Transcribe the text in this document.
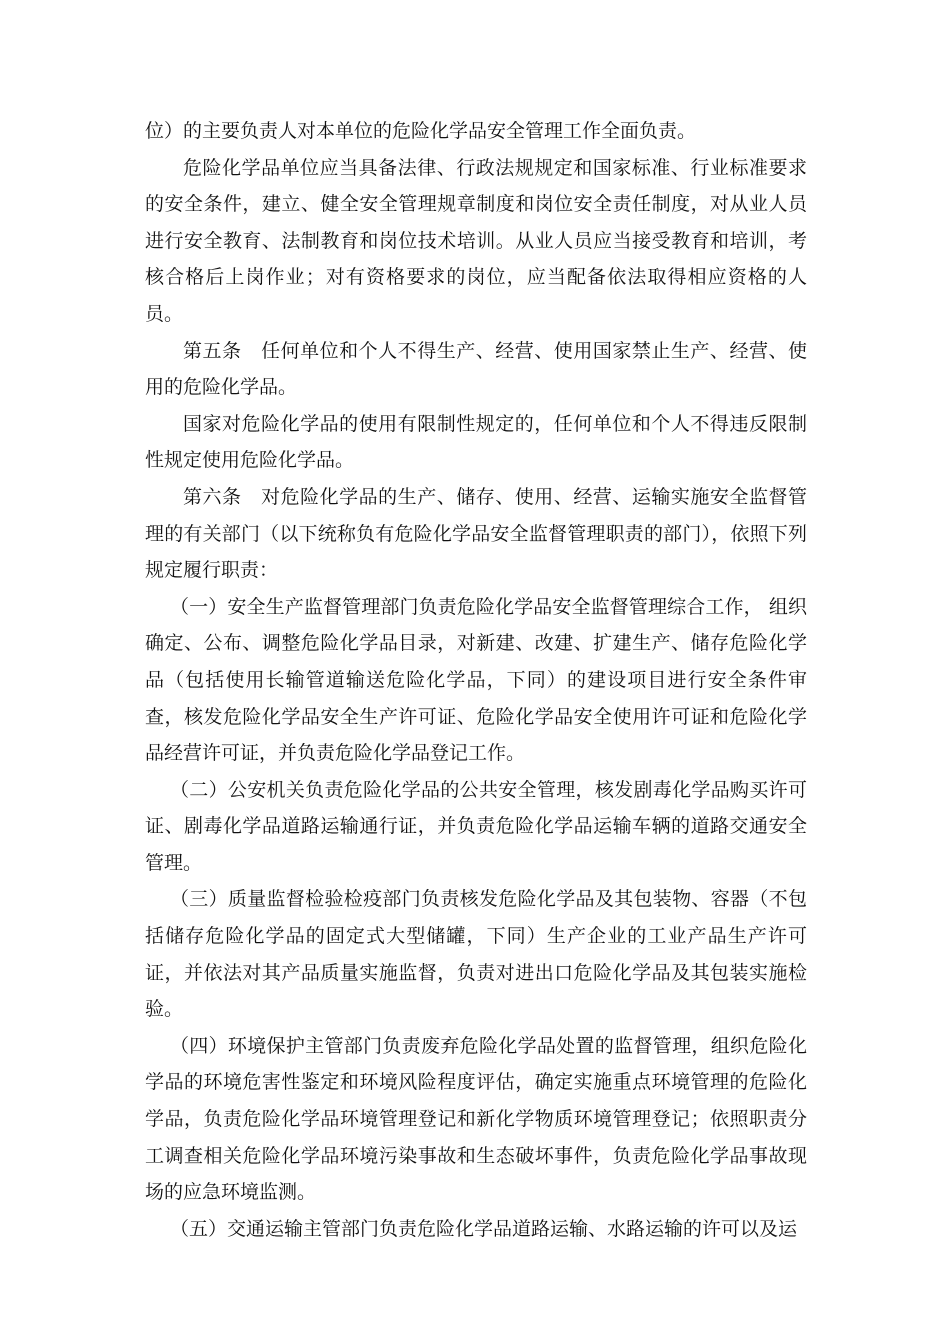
位）的主要负责人对本单位的危险化学品安全管理工作全面负责。

危险化学品单位应当具备法律、行政法规规定和国家标准、行业标准要求的安全条件，建立、健全安全管理规章制度和岗位安全责任制度，对从业人员进行安全教育、法制教育和岗位技术培训。从业人员应当接受教育和培训，考核合格后上岗作业；对有资格要求的岗位，应当配备依法取得相应资格的人员。

第五条　任何单位和个人不得生产、经营、使用国家禁止生产、经营、使用的危险化学品。

国家对危险化学品的使用有限制性规定的，任何单位和个人不得违反限制性规定使用危险化学品。

第六条　对危险化学品的生产、储存、使用、经营、运输实施安全监督管理的有关部门（以下统称负有危险化学品安全监督管理职责的部门），依照下列规定履行职责：

（一）安全生产监督管理部门负责危险化学品安全监督管理综合工作， 组织确定、公布、调整危险化学品目录，对新建、改建、扩建生产、储存危险化学品（包括使用长输管道输送危险化学品，下同）的建设项目进行安全条件审查，核发危险化学品安全生产许可证、危险化学品安全使用许可证和危险化学品经营许可证，并负责危险化学品登记工作。

（二）公安机关负责危险化学品的公共安全管理，核发剧毒化学品购买许可证、剧毒化学品道路运输通行证，并负责危险化学品运输车辆的道路交通安全管理。

（三）质量监督检验检疫部门负责核发危险化学品及其包装物、容器（不包括储存危险化学品的固定式大型储罐，下同）生产企业的工业产品生产许可证，并依法对其产品质量实施监督，负责对进出口危险化学品及其包装实施检验。

（四）环境保护主管部门负责废弃危险化学品处置的监督管理，组织危险化学品的环境危害性鉴定和环境风险程度评估，确定实施重点环境管理的危险化学品，负责危险化学品环境管理登记和新化学物质环境管理登记；依照职责分工调查相关危险化学品环境污染事故和生态破坏事件，负责危险化学品事故现场的应急环境监测。

（五）交通运输主管部门负责危险化学品道路运输、水路运输的许可以及运
